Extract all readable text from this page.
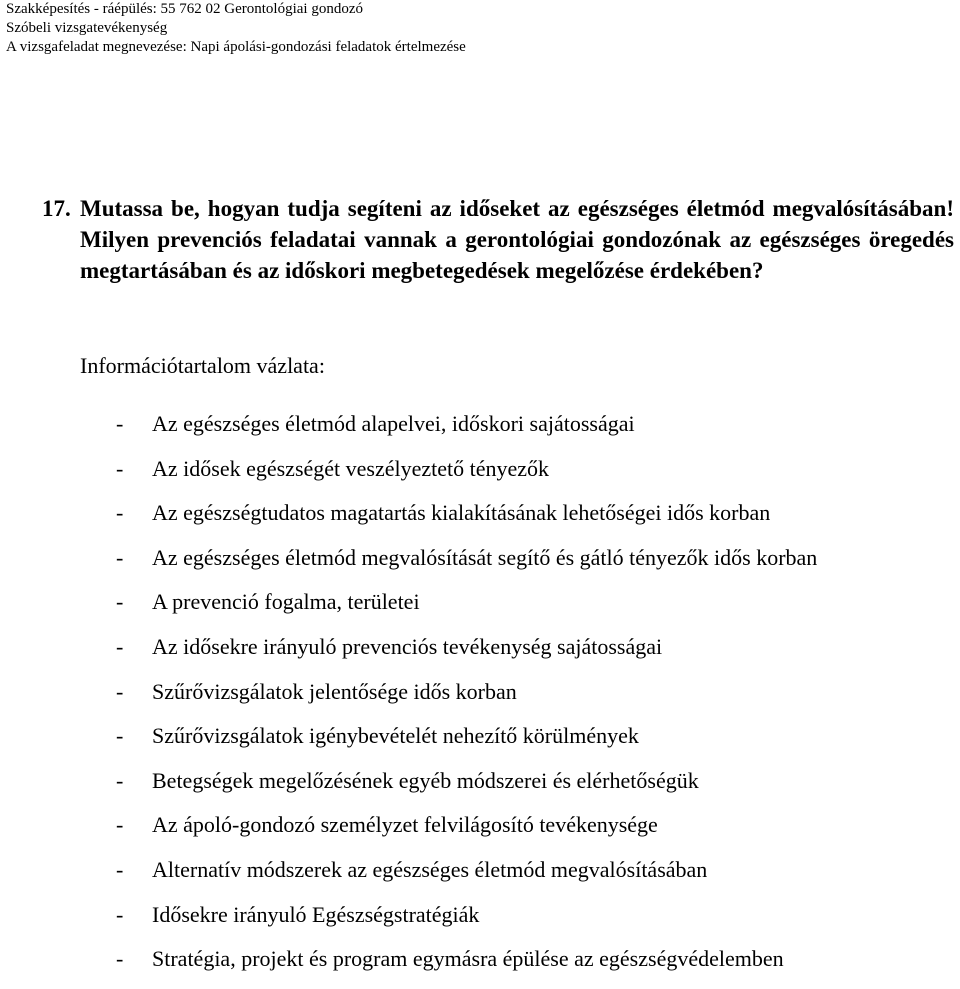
Szakképesítés - ráépülés: 55 762 02 Gerontológiai gondozó
Szóbeli vizsgatevékenység
A vizsgafeladat megnevezése: Napi ápolási-gondozási feladatok értelmezése
17. Mutassa be, hogyan tudja segíteni az időseket az egészséges életmód megvalósításában! Milyen prevenciós feladatai vannak a gerontológiai gondozónak az egészséges öregedés megtartásában és az időskori megbetegedések megelőzése érdekében?
Információtartalom vázlata:
- Az egészséges életmód alapelvei, időskori sajátosságai
- Az idősek egészségét veszélyeztető tényezők
- Az egészségtudatos magatartás kialakításának lehetőségei idős korban
- Az egészséges életmód megvalósítását segítő és gátló tényezők idős korban
- A prevenció fogalma, területei
- Az idősekre irányuló prevenciós tevékenység sajátosságai
- Szűrővizsgálatok jelentősége idős korban
- Szűrővizsgálatok igénybevételét nehezítő körülmények
- Betegségek megelőzésének egyéb módszerei és elérhetőségük
- Az ápoló-gondozó személyzet felvilágosító tevékenysége
- Alternatív módszerek az egészséges életmód megvalósításában
- Idősekre irányuló Egészségstratégiák
- Stratégia, projekt és program egymásra épülése az egészségvédelemben
